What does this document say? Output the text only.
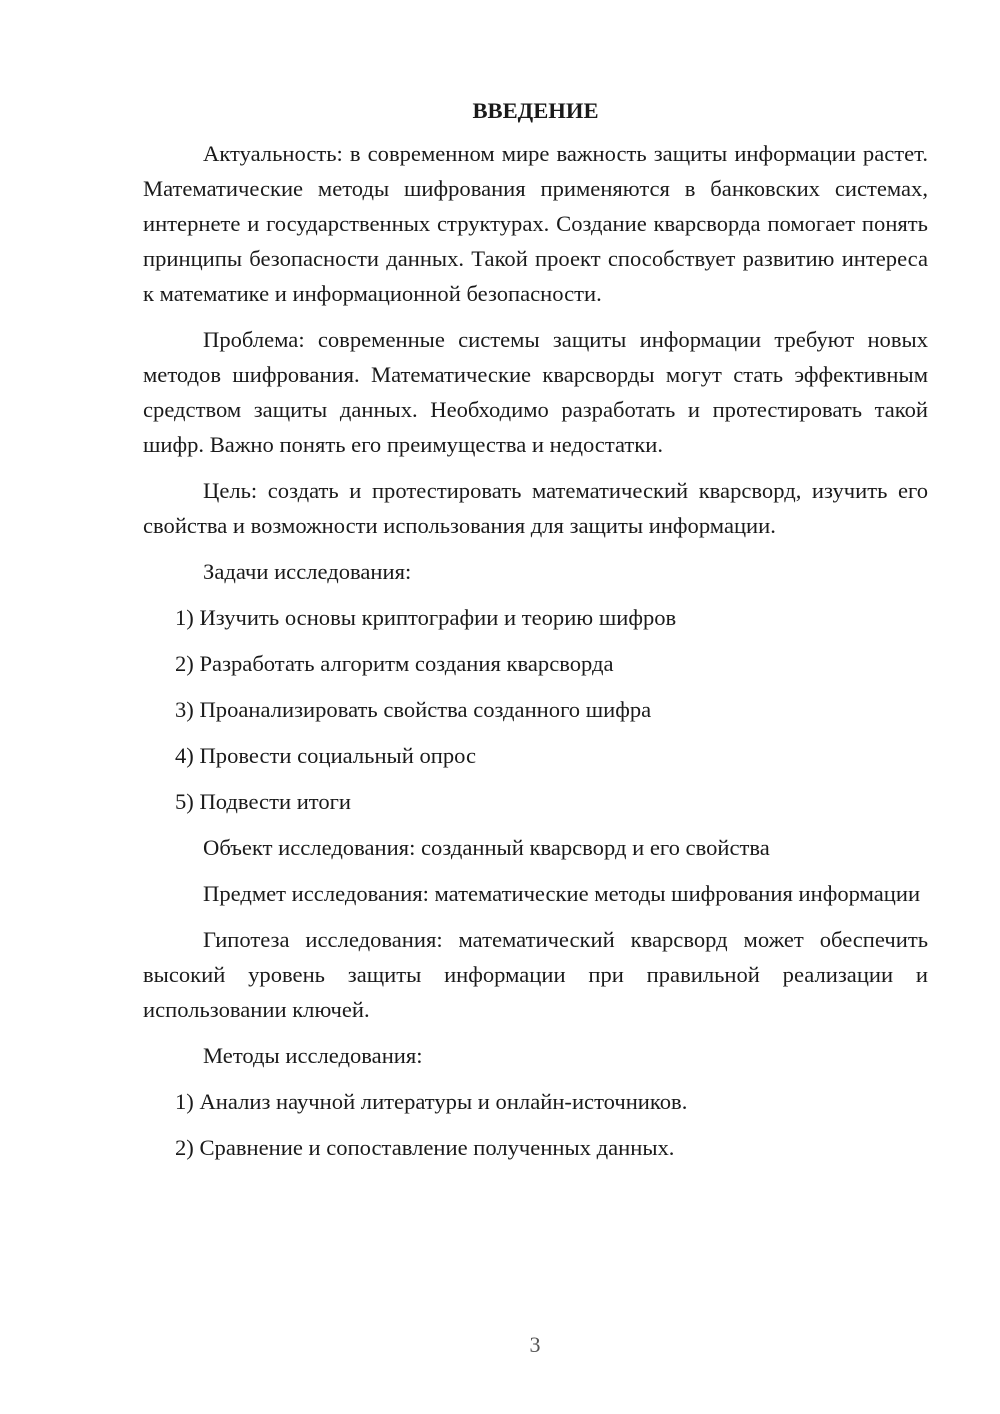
ВВЕДЕНИЕ

Актуальность: в современном мире важность защиты информации растет. Математические методы шифрования применяются в банковских системах, интернете и государственных структурах. Создание кварсворда помогает понять принципы безопасности данных. Такой проект способствует развитию интереса к математике и информационной безопасности.

Проблема: современные системы защиты информации требуют новых методов шифрования. Математические кварсворды могут стать эффективным средством защиты данных. Необходимо разработать и протестировать такой шифр. Важно понять его преимущества и недостатки.

Цель: создать и протестировать математический кварсворд, изучить его свойства и возможности использования для защиты информации.

Задачи исследования:

1) Изучить основы криптографии и теорию шифров
2) Разработать алгоритм создания кварсворда
3) Проанализировать свойства созданного шифра
4) Провести социальный опрос
5) Подвести итоги

Объект исследования: созданный кварсворд и его свойства

Предмет исследования: математические методы шифрования информации

Гипотеза исследования: математический кварсворд может обеспечить высокий уровень защиты информации при правильной реализации и использовании ключей.

Методы исследования:

1) Анализ научной литературы и онлайн-источников.
2) Сравнение и сопоставление полученных данных.
3
